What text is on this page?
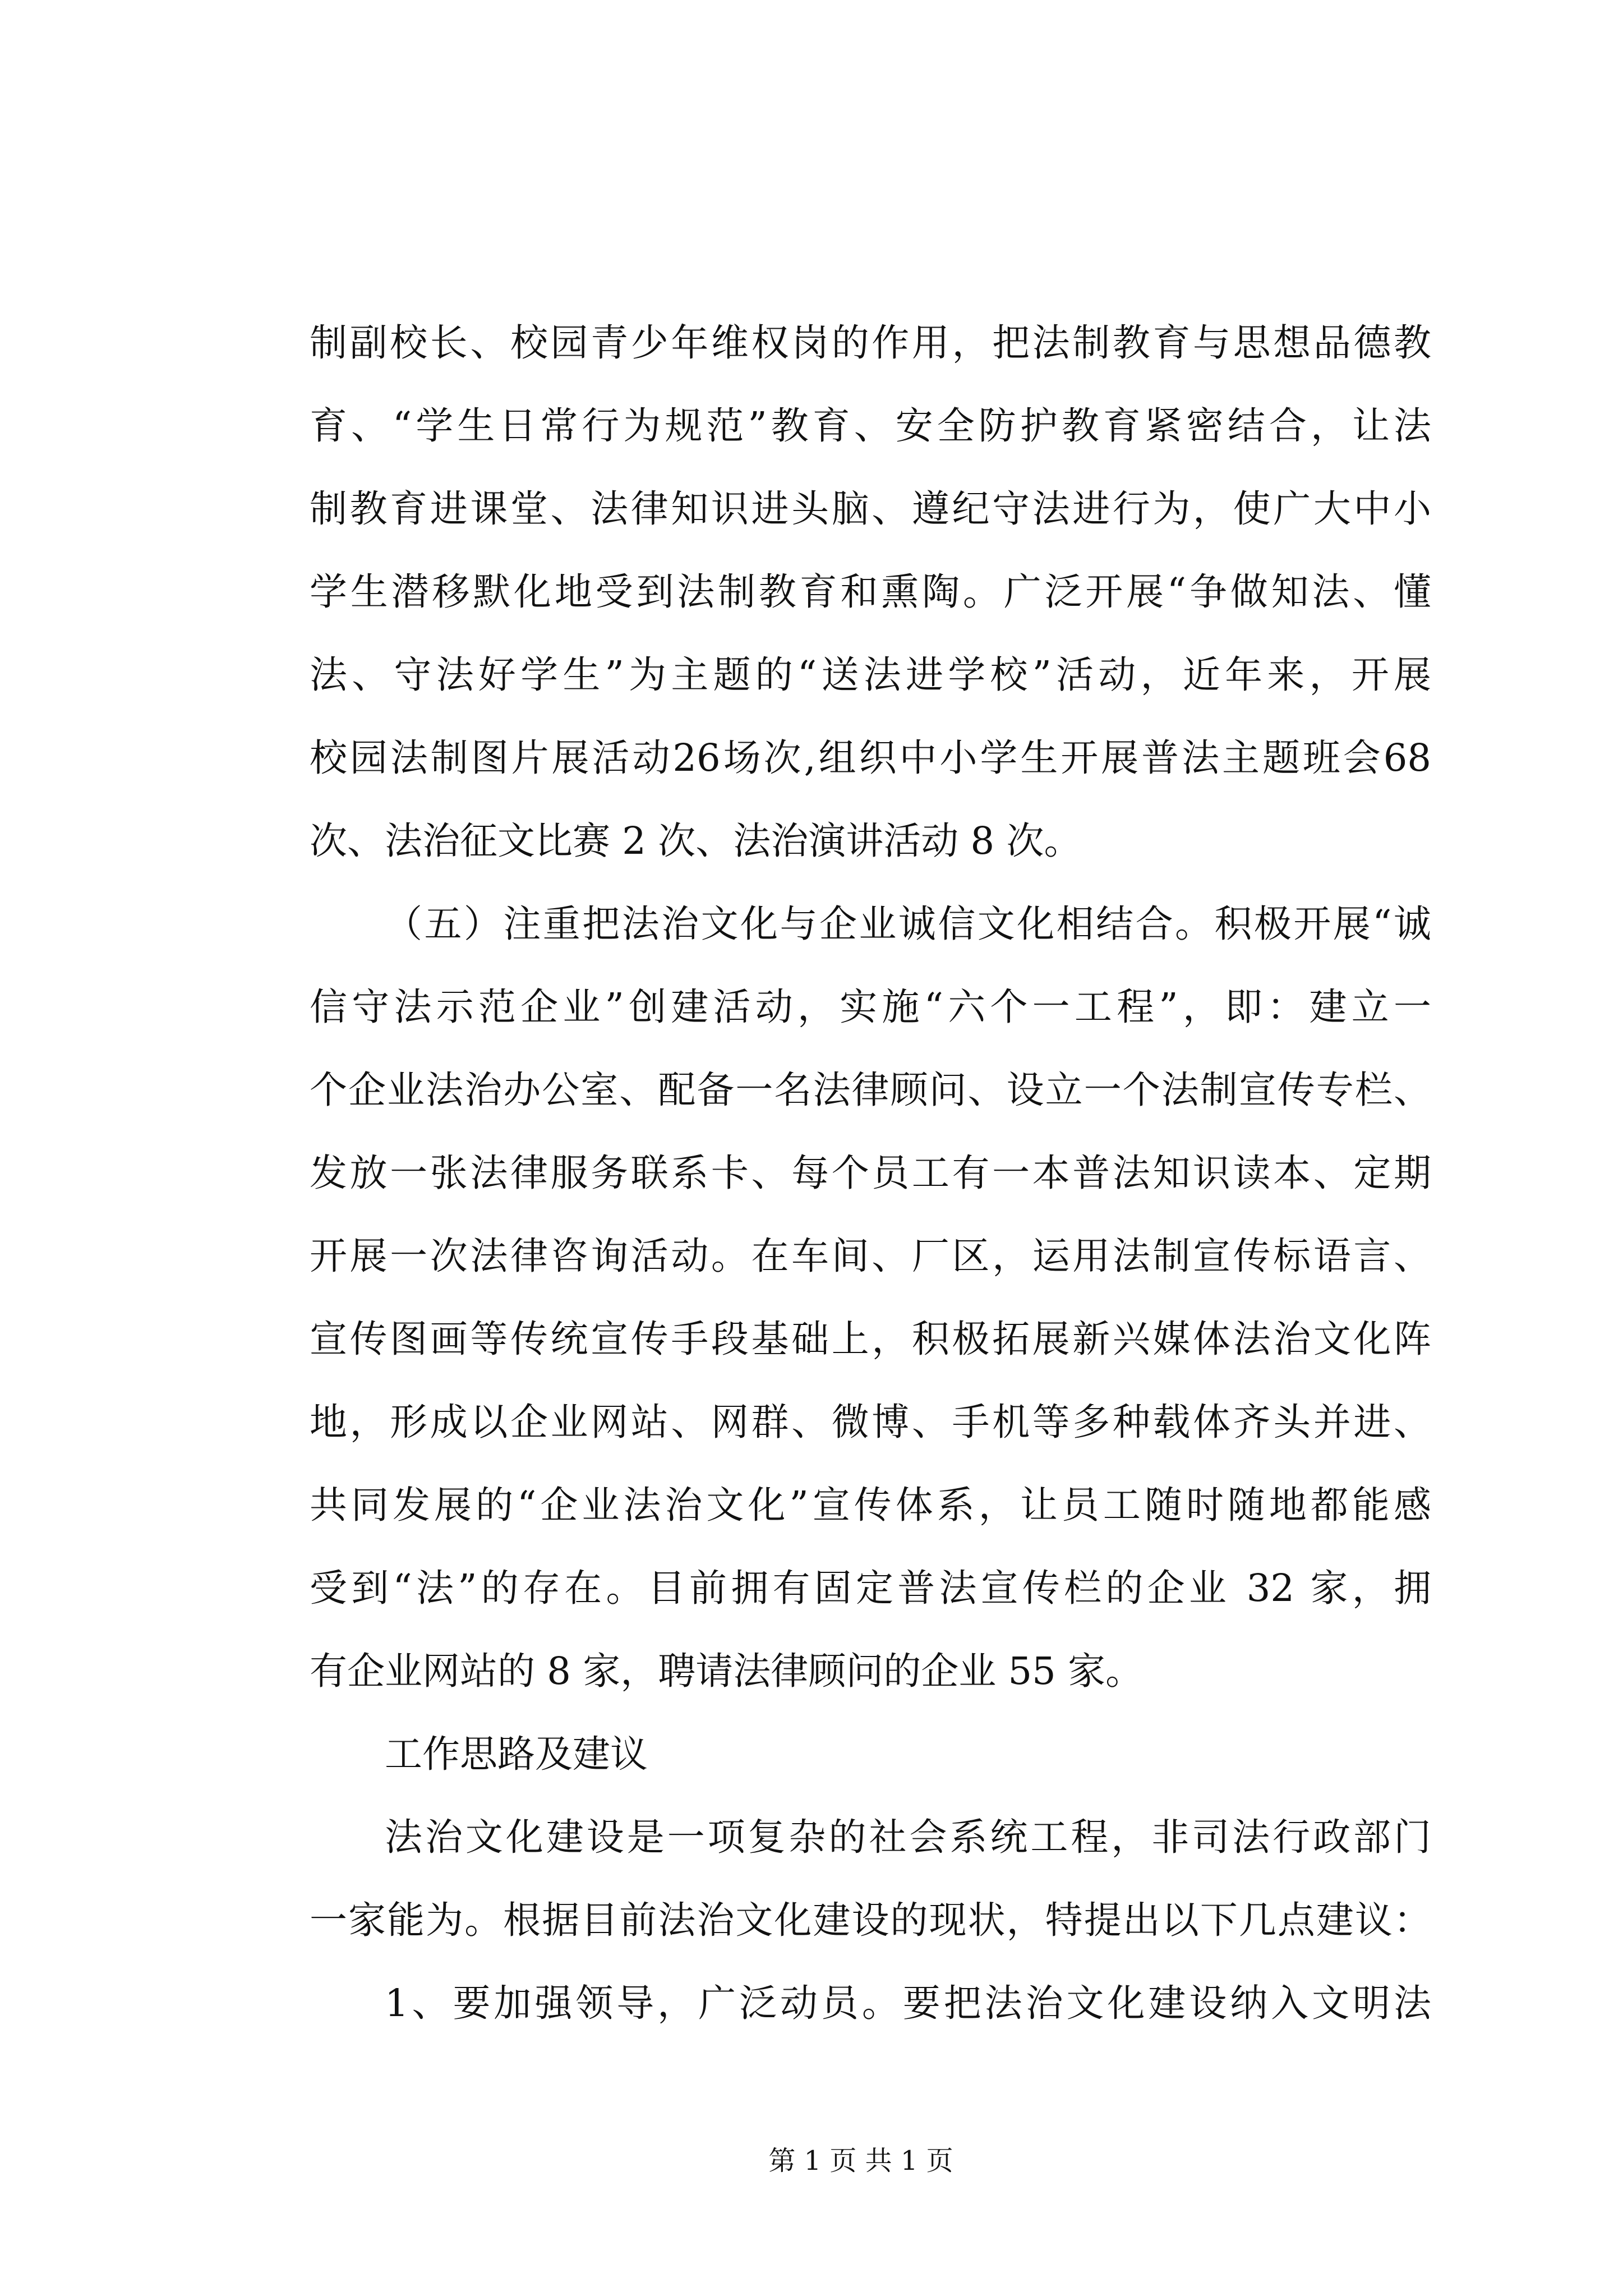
制副校长、校园青少年维权岗的作用，把法制教育与思想品德教
育、“学生日常行为规范”教育、安全防护教育紧密结合，让法
制教育进课堂、法律知识进头脑、遵纪守法进行为，使广大中小
学生潜移默化地受到法制教育和熏陶。广泛开展“争做知法、懂
法、守法好学生”为主题的“送法进学校”活动，近年来，开展
校园法制图片展活动26场次,组织中小学生开展普法主题班会68
次、法治征文比赛 2 次、法治演讲活动 8 次。
（五）注重把法治文化与企业诚信文化相结合。积极开展“诚
信守法示范企业”创建活动，实施“六个一工程”，即：建立一
个企业法治办公室、配备一名法律顾问、设立一个法制宣传专栏、
发放一张法律服务联系卡、每个员工有一本普法知识读本、定期
开展一次法律咨询活动。在车间、厂区，运用法制宣传标语言、
宣传图画等传统宣传手段基础上，积极拓展新兴媒体法治文化阵
地，形成以企业网站、网群、微博、手机等多种载体齐头并进、
共同发展的“企业法治文化”宣传体系，让员工随时随地都能感
受到“法”的存在。目前拥有固定普法宣传栏的企业 32 家，拥
有企业网站的 8 家，聘请法律顾问的企业 55 家。
工作思路及建议
法治文化建设是一项复杂的社会系统工程，非司法行政部门
一家能为。根据目前法治文化建设的现状，特提出以下几点建议：
1、要加强领导，广泛动员。要把法治文化建设纳入文明法
第 1 页 共 1 页
